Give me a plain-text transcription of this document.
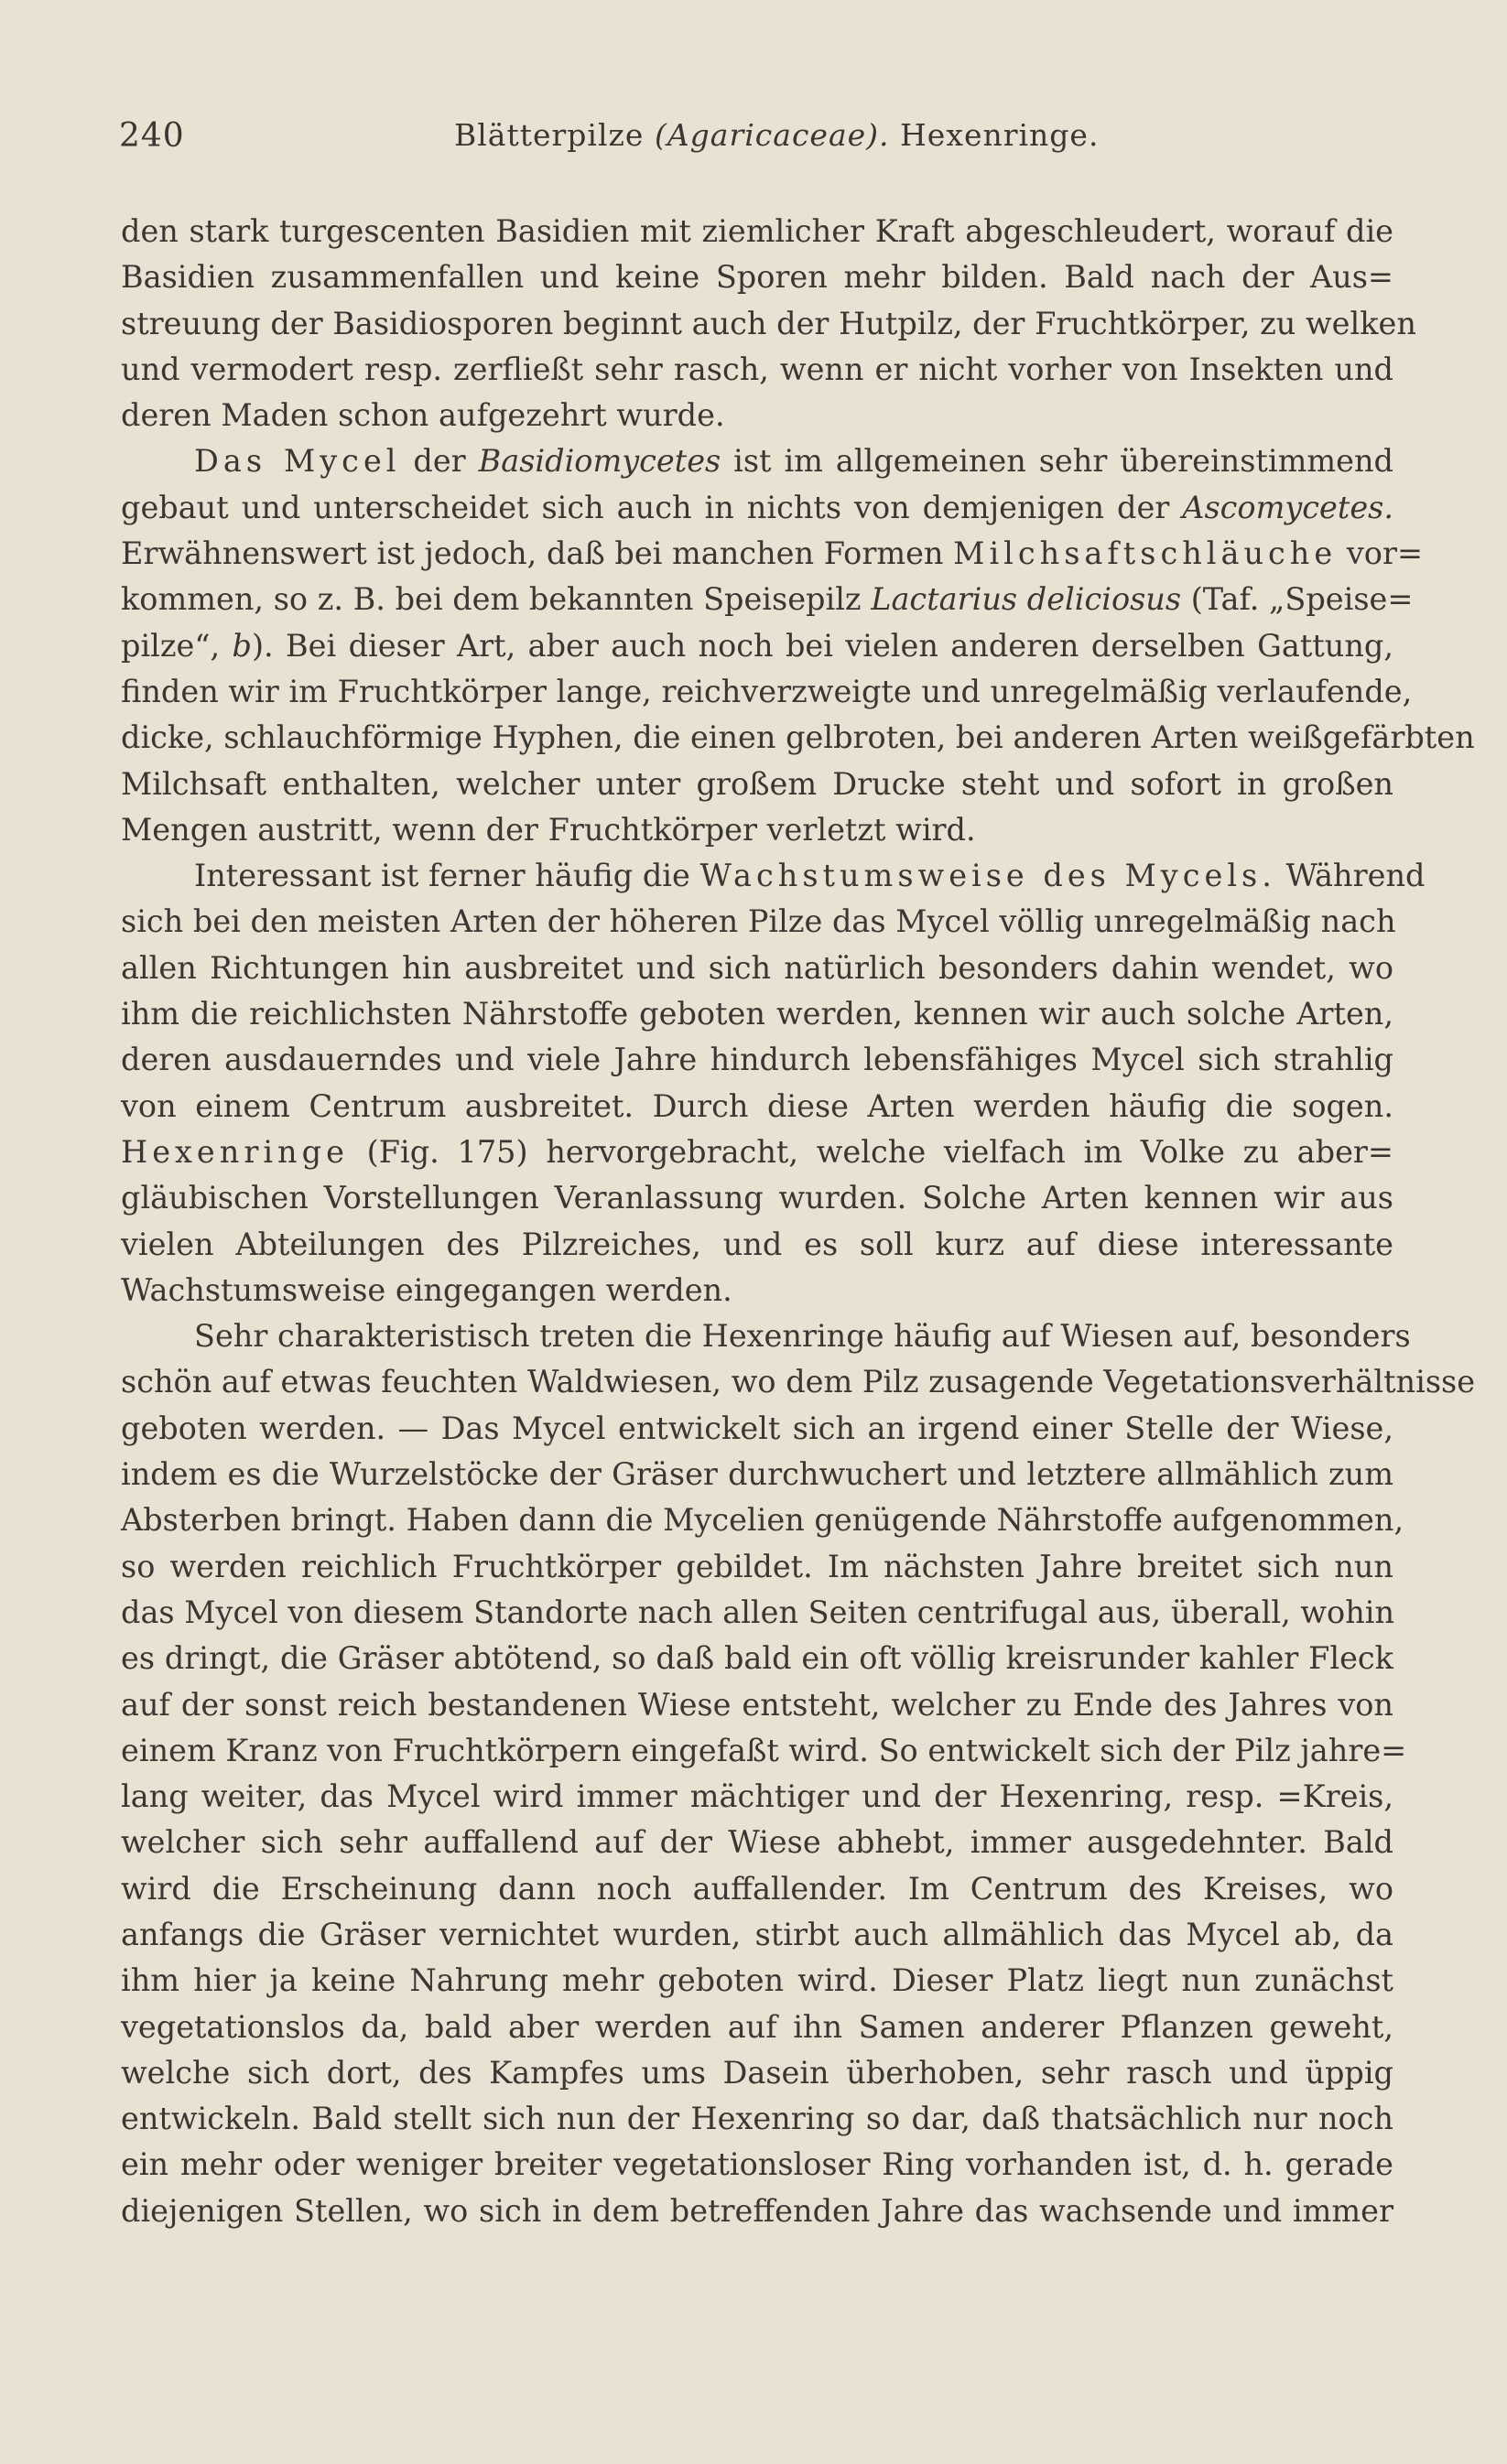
240	Blätterpilze (Agaricaceae). Hexenringe.
den stark turgescenten Basidien mit ziemlicher Kraft abgeschleudert, worauf die
Basidien zusammenfallen und keine Sporen mehr bilden. Bald nach der Aus=
streuung der Basidiosporen beginnt auch der Hutpilz, der Fruchtkörper, zu welken
und vermodert resp. zerfließt sehr rasch, wenn er nicht vorher von Insekten und
deren Maden schon aufgezehrt wurde.
Das Mycel der Basidiomycetes ist im allgemeinen sehr übereinstimmend
gebaut und unterscheidet sich auch in nichts von demjenigen der Ascomycetes.
Erwähnenswert ist jedoch, daß bei manchen Formen Milchsaftschläuche vor=
kommen, so z. B. bei dem bekannten Speisepilz Lactarius deliciosus (Taf. „Speise=
pilze“, b). Bei dieser Art, aber auch noch bei vielen anderen derselben Gattung,
finden wir im Fruchtkörper lange, reichverzweigte und unregelmäßig verlaufende,
dicke, schlauchförmige Hyphen, die einen gelbroten, bei anderen Arten weißgefärbten
Milchsaft enthalten, welcher unter großem Drucke steht und sofort in großen
Mengen austritt, wenn der Fruchtkörper verletzt wird.
Interessant ist ferner häufig die Wachstumsweise des Mycels. Während
sich bei den meisten Arten der höheren Pilze das Mycel völlig unregelmäßig nach
allen Richtungen hin ausbreitet und sich natürlich besonders dahin wendet, wo
ihm die reichlichsten Nährstoffe geboten werden, kennen wir auch solche Arten,
deren ausdauerndes und viele Jahre hindurch lebensfähiges Mycel sich strahlig
von einem Centrum ausbreitet. Durch diese Arten werden häufig die sogen.
Hexenringe (Fig. 175) hervorgebracht, welche vielfach im Volke zu aber=
gläubischen Vorstellungen Veranlassung wurden. Solche Arten kennen wir aus
vielen Abteilungen des Pilzreiches, und es soll kurz auf diese interessante
Wachstumsweise eingegangen werden.
Sehr charakteristisch treten die Hexenringe häufig auf Wiesen auf, besonders
schön auf etwas feuchten Waldwiesen, wo dem Pilz zusagende Vegetationsverhältnisse
geboten werden. — Das Mycel entwickelt sich an irgend einer Stelle der Wiese,
indem es die Wurzelstöcke der Gräser durchwuchert und letztere allmählich zum
Absterben bringt. Haben dann die Mycelien genügende Nährstoffe aufgenommen,
so werden reichlich Fruchtkörper gebildet. Im nächsten Jahre breitet sich nun
das Mycel von diesem Standorte nach allen Seiten centrifugal aus, überall, wohin
es dringt, die Gräser abtötend, so daß bald ein oft völlig kreisrunder kahler Fleck
auf der sonst reich bestandenen Wiese entsteht, welcher zu Ende des Jahres von
einem Kranz von Fruchtkörpern eingefaßt wird. So entwickelt sich der Pilz jahre=
lang weiter, das Mycel wird immer mächtiger und der Hexenring, resp. =Kreis,
welcher sich sehr auffallend auf der Wiese abhebt, immer ausgedehnter. Bald
wird die Erscheinung dann noch auffallender. Im Centrum des Kreises, wo
anfangs die Gräser vernichtet wurden, stirbt auch allmählich das Mycel ab, da
ihm hier ja keine Nahrung mehr geboten wird. Dieser Platz liegt nun zunächst
vegetationslos da, bald aber werden auf ihn Samen anderer Pflanzen geweht,
welche sich dort, des Kampfes ums Dasein überhoben, sehr rasch und üppig
entwickeln. Bald stellt sich nun der Hexenring so dar, daß thatsächlich nur noch
ein mehr oder weniger breiter vegetationsloser Ring vorhanden ist, d. h. gerade
diejenigen Stellen, wo sich in dem betreffenden Jahre das wachsende und immer
